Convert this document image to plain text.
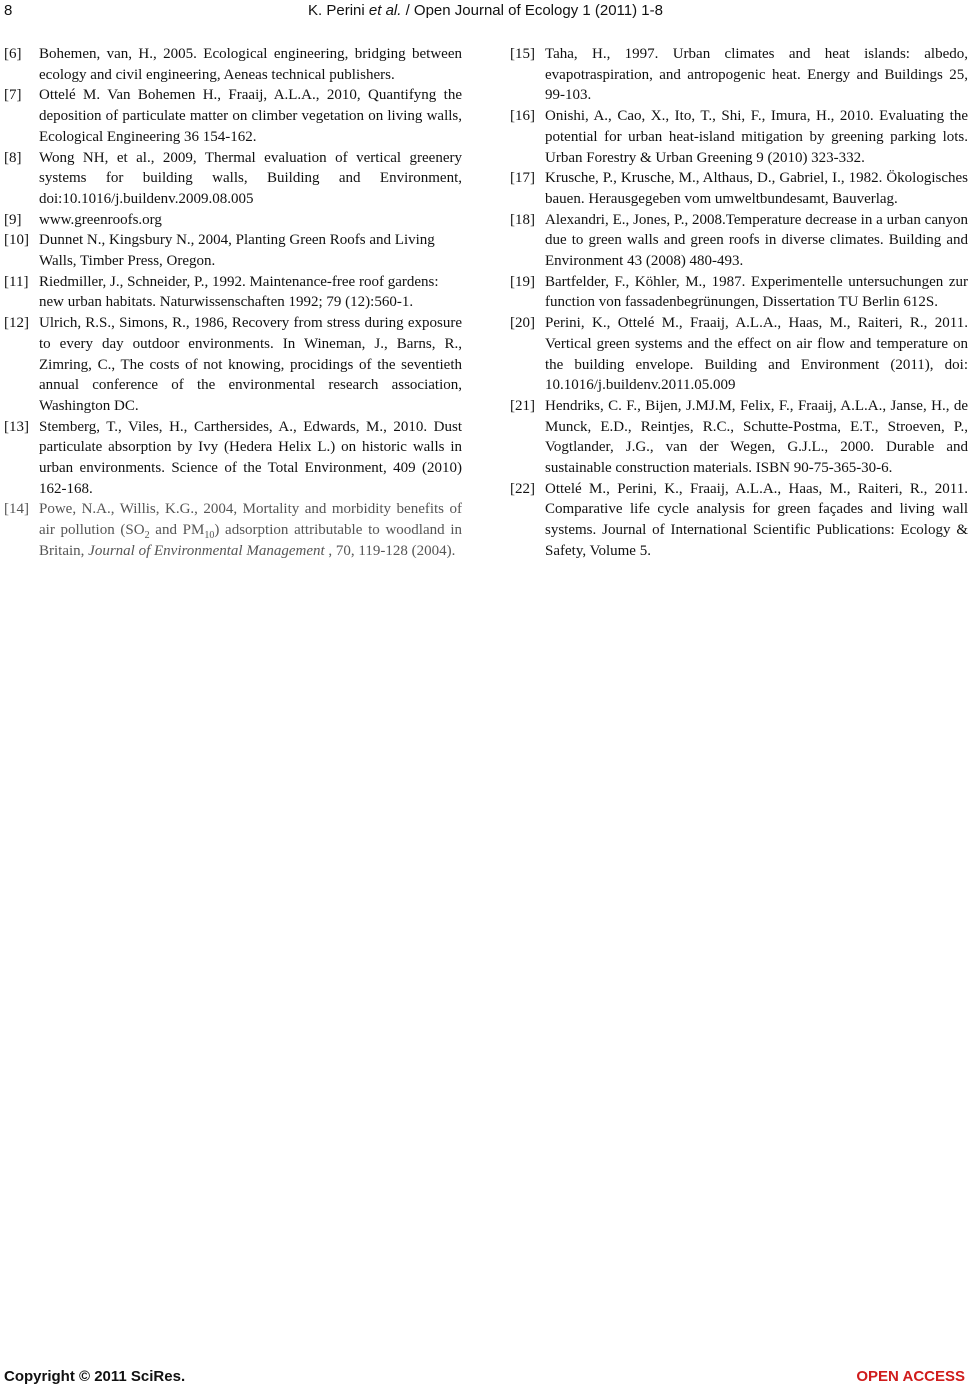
8	K. Perini et al. / Open Journal of Ecology 1 (2011) 1-8
[6] Bohemen, van, H., 2005. Ecological engineering, bridging between ecology and civil engineering, Aeneas technical publishers.
[7] Ottelé M. Van Bohemen H., Fraaij, A.L.A., 2010, Quantifyng the deposition of particulate matter on climber vegetation on living walls, Ecological Engineering 36 154-162.
[8] Wong NH, et al., 2009, Thermal evaluation of vertical greenery systems for building walls, Building and Environment, doi:10.1016/j.buildenv.2009.08.005
[9] www.greenroofs.org
[10] Dunnet N., Kingsbury N., 2004, Planting Green Roofs and Living Walls, Timber Press, Oregon.
[11] Riedmiller, J., Schneider, P., 1992. Maintenance-free roof gardens: new urban habitats. Naturwissenschaften 1992; 79 (12):560-1.
[12] Ulrich, R.S., Simons, R., 1986, Recovery from stress during exposure to every day outdoor environments. In Wineman, J., Barns, R., Zimring, C., The costs of not knowing, procidings of the seventieth annual conference of the environmental research association, Washington DC.
[13] Stemberg, T., Viles, H., Carthersides, A., Edwards, M., 2010. Dust particulate absorption by Ivy (Hedera Helix L.) on historic walls in urban environments. Science of the Total Environment, 409 (2010) 162-168.
[14] Powe, N.A., Willis, K.G., 2004, Mortality and morbidity benefits of air pollution ($SO_2$ and $PM_{10}$) adsorption attributable to woodland in Britain, Journal of Environmental Management , 70, 119-128 (2004).
[15] Taha, H., 1997. Urban climates and heat islands: albedo, evapotraspiration, and antropogenic heat. Energy and Buildings 25, 99-103.
[16] Onishi, A., Cao, X., Ito, T., Shi, F., Imura, H., 2010. Evaluating the potential for urban heat-island mitigation by greening parking lots. Urban Forestry & Urban Greening 9 (2010) 323-332.
[17] Krusche, P., Krusche, M., Althaus, D., Gabriel, I., 1982. Ökologisches bauen. Herausgegeben vom umweltbundesamt, Bauverlag.
[18] Alexandri, E., Jones, P., 2008.Temperature decrease in a urban canyon due to green walls and green roofs in diverse climates. Building and Environment 43 (2008) 480-493.
[19] Bartfelder, F., Köhler, M., 1987. Experimentelle untersuchungen zur function von fassadenbegrünungen, Dissertation TU Berlin 612S.
[20] Perini, K., Ottelé M., Fraaij, A.L.A., Haas, M., Raiteri, R., 2011. Vertical green systems and the effect on air flow and temperature on the building envelope. Building and Environment (2011), doi: 10.1016/j.buildenv.2011.05.009
[21] Hendriks, C. F., Bijen, J.MJ.M, Felix, F., Fraaij, A.L.A., Janse, H., de Munck, E.D., Reintjes, R.C., Schutte-Postma, E.T., Stroeven, P., Vogtlander, J.G., van der Wegen, G.J.L., 2000. Durable and sustainable construction materials. ISBN 90-75-365-30-6.
[22] Ottelé M., Perini, K., Fraaij, A.L.A., Haas, M., Raiteri, R., 2011. Comparative life cycle analysis for green façades and living wall systems. Journal of International Scientific Publications: Ecology & Safety, Volume 5.
Copyright © 2011 SciRes.	OPEN ACCESS
